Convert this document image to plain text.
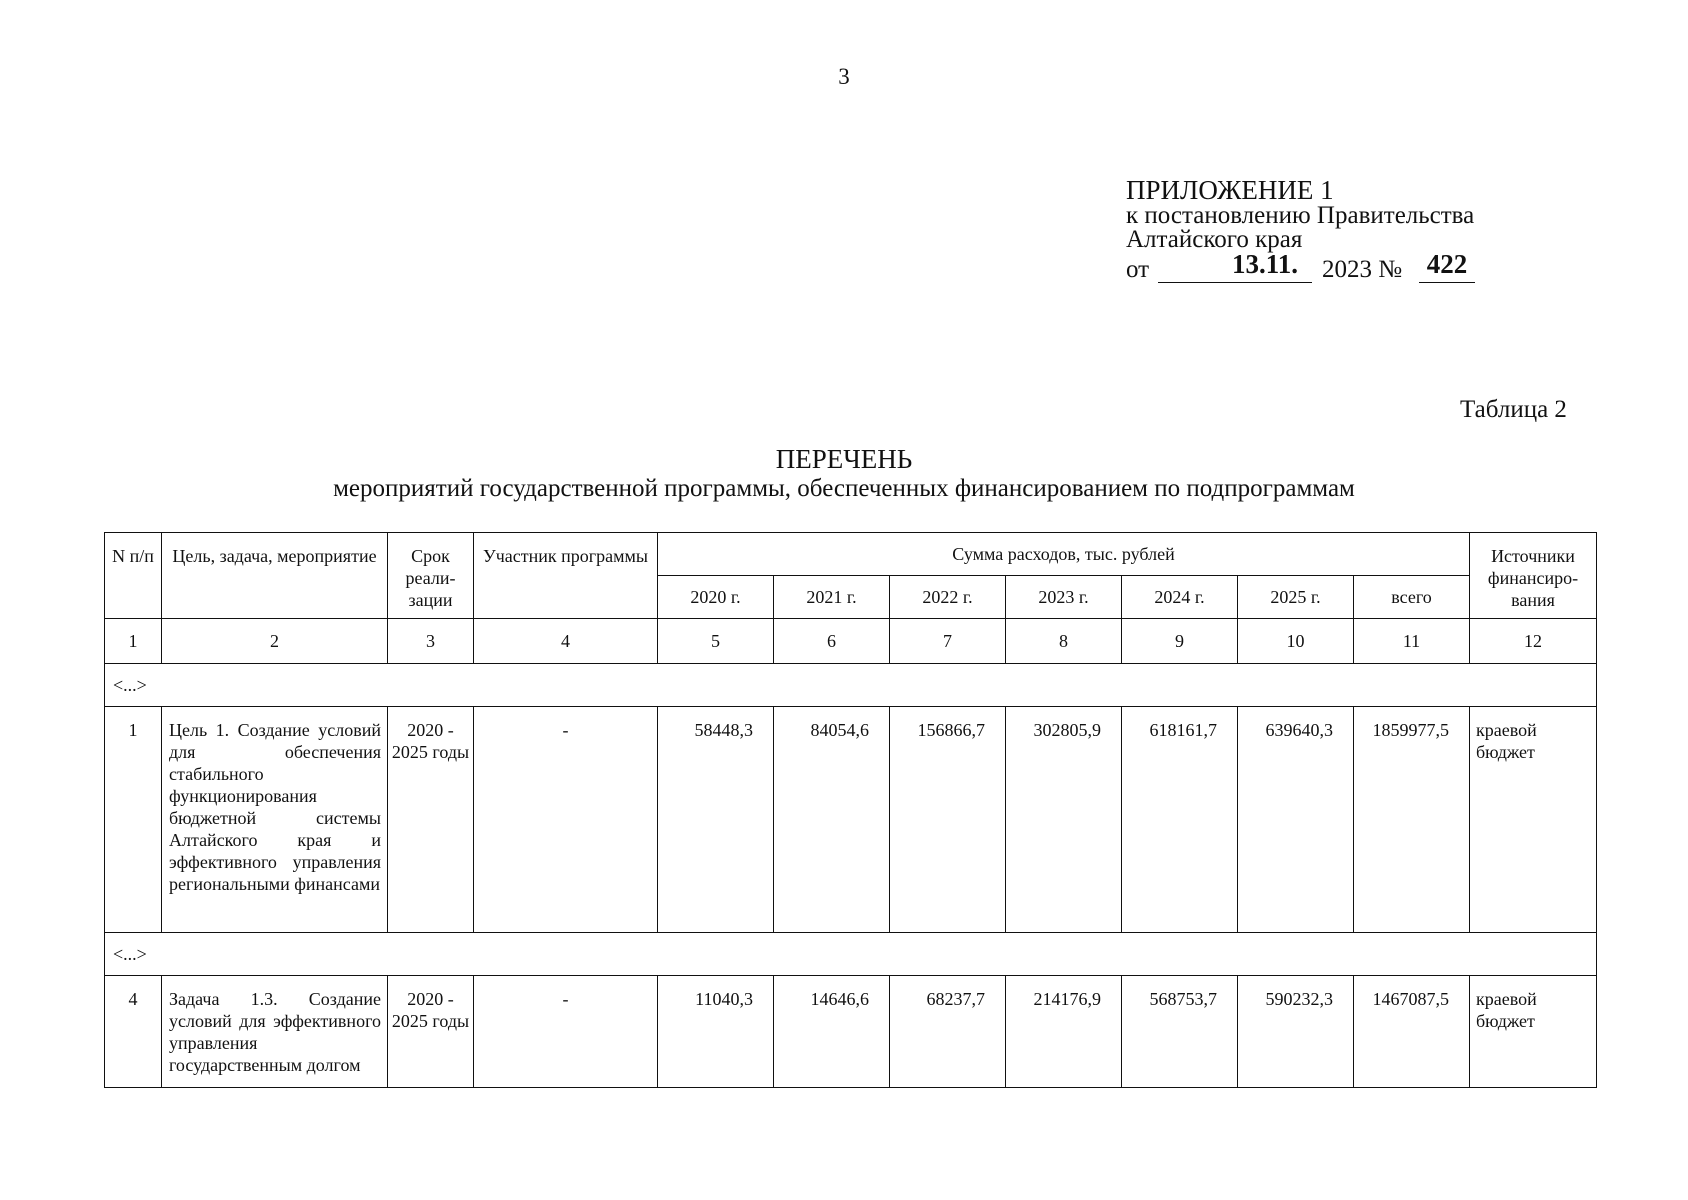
3
ПРИЛОЖЕНИЕ 1
к постановлению Правительства
Алтайского края
от	13.11. 2023 № 422
Таблица 2
ПЕРЕЧЕНЬ
мероприятий государственной программы, обеспеченных финансированием по подпрограммам
N п/п	Цель, задача, мероприятие	Срок реали-зации	Участник программы	Сумма расходов, тыс. рублей							Источники финансиро-вания
				2020 г.	2021 г.	2022 г.	2023 г.	2024 г.	2025 г.	всего	
1	2	3	4	5	6	7	8	9	10	11	12
<...>											
1	Цель 1. Создание условий для обеспечения стабильного функционирования бюджетной системы Алтайского края и эффективного управления региональными финансами	2020 - 2025 годы	-	58448,3	84054,6	156866,7	302805,9	618161,7	639640,3	1859977,5	краевой бюджет
<...>											
4	Задача 1.3. Создание условий для эффективного управления государственным долгом	2020 - 2025 годы	-	11040,3	14646,6	68237,7	214176,9	568753,7	590232,3	1467087,5	краевой бюджет
